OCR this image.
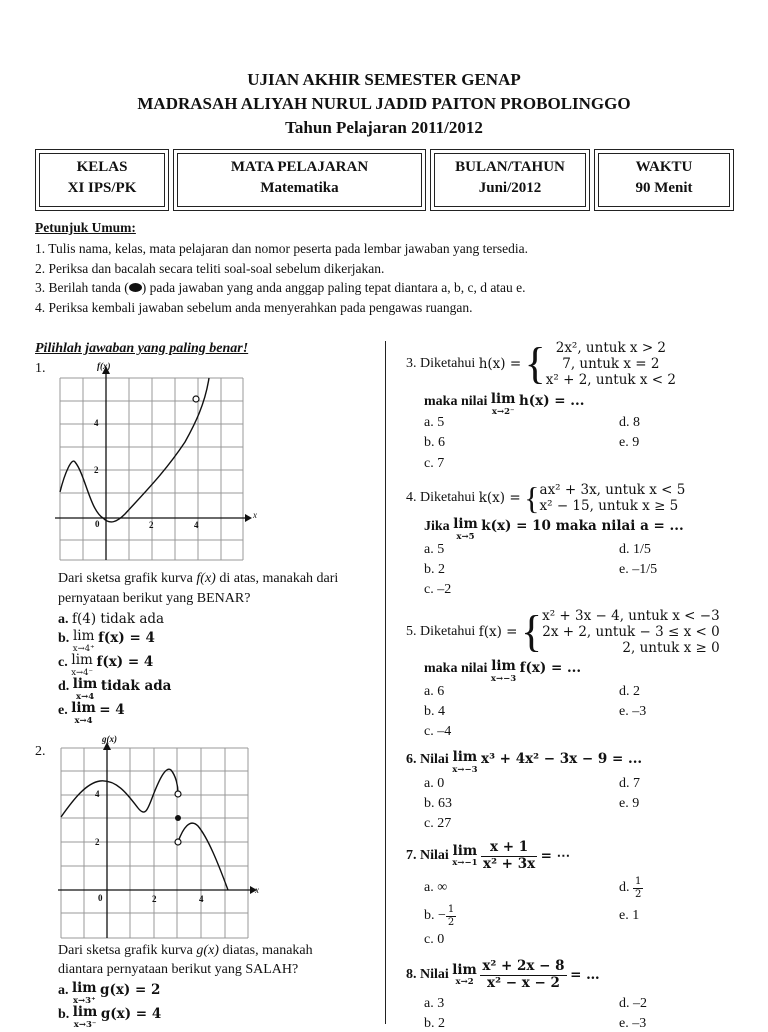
UJIAN AKHIR SEMESTER GENAP
MADRASAH ALIYAH NURUL JADID PAITON PROBOLINGGO
Tahun Pelajaran 2011/2012
KELAS
XI IPS/PK
MATA PELAJARAN
Matematika
BULAN/TAHUN
Juni/2012
WAKTU
90 Menit
Petunjuk Umum:
1. Tulis nama, kelas, mata pelajaran dan nomor peserta pada lembar jawaban yang tersedia.
2. Periksa dan bacalah secara teliti soal-soal sebelum dikerjakan.
3. Berilah tanda ( ) pada jawaban yang anda anggap paling tepat diantara a, b, c, d atau e.
4. Periksa kembali jawaban sebelum anda menyerahkan pada pengawas ruangan.
Pilihlah jawaban yang paling benar!
1.	f(x)
x
4
2
0	2	4
Dari sketsa grafik kurva f(x) di atas, manakah dari
pernyataan berikut yang BENAR?
a. f(4) tidak ada
b. lim
x→4⁺
f(x) = 4
c. lim
x→4⁻
f(x) = 4
d. lim
x→4
tidak ada
e. lim
x→4
= 4
2.
g(x)
x
4
2
0	2	4
Dari sketsa grafik kurva g(x) diatas, manakah
diantara pernyataan berikut yang SALAH?
a. lim
x→3⁺
g(x) = 2
b. lim
x→3⁻
g(x) = 4
3. Diketahui h(x) = { 2x², untuk x > 2
7, untuk x = 2
x² + 2, untuk x < 2
maka nilai lim
x→2⁻
h(x) = ...
a. 5
b. 6
c. 7
d. 8
e. 9
4. Diketahui k(x) = {ax² + 3x, untuk x < 5
x² − 15, untuk x ≥ 5
Jika lim
x→5
k(x) = 10 maka nilai a = ...
a. 5
b. 2
c. –2
d. 1/5
e. –1/5
5. Diketahui f(x) = {x² + 3x − 4, untuk x < −3
2x + 2, untuk − 3 ≤ x < 0
2, untuk x ≥ 0
maka nilai lim
x→−3
f(x) = ...
a. 6
b. 4
c. –4
d. 2
e. –3
6. Nilai lim
x→−3
x³ + 4x² − 3x − 9 = ...
a. 0
b. 63
c. 27
d. 7
e. 9
7. Nilai lim
x→−1
$\frac{x + 1}{\text{x² + 3x}}$ = ⋯
a. ∞
b. − $\frac{1}{2}$
c. 0
d. $\frac{1}{2}$
e. 1
8. Nilai lim
x→2
$\frac{\text{x² + 2x − 8}}{\text{x² − x − 2}}$ = …
a. 3
b. 2
d. –2
e. –3
